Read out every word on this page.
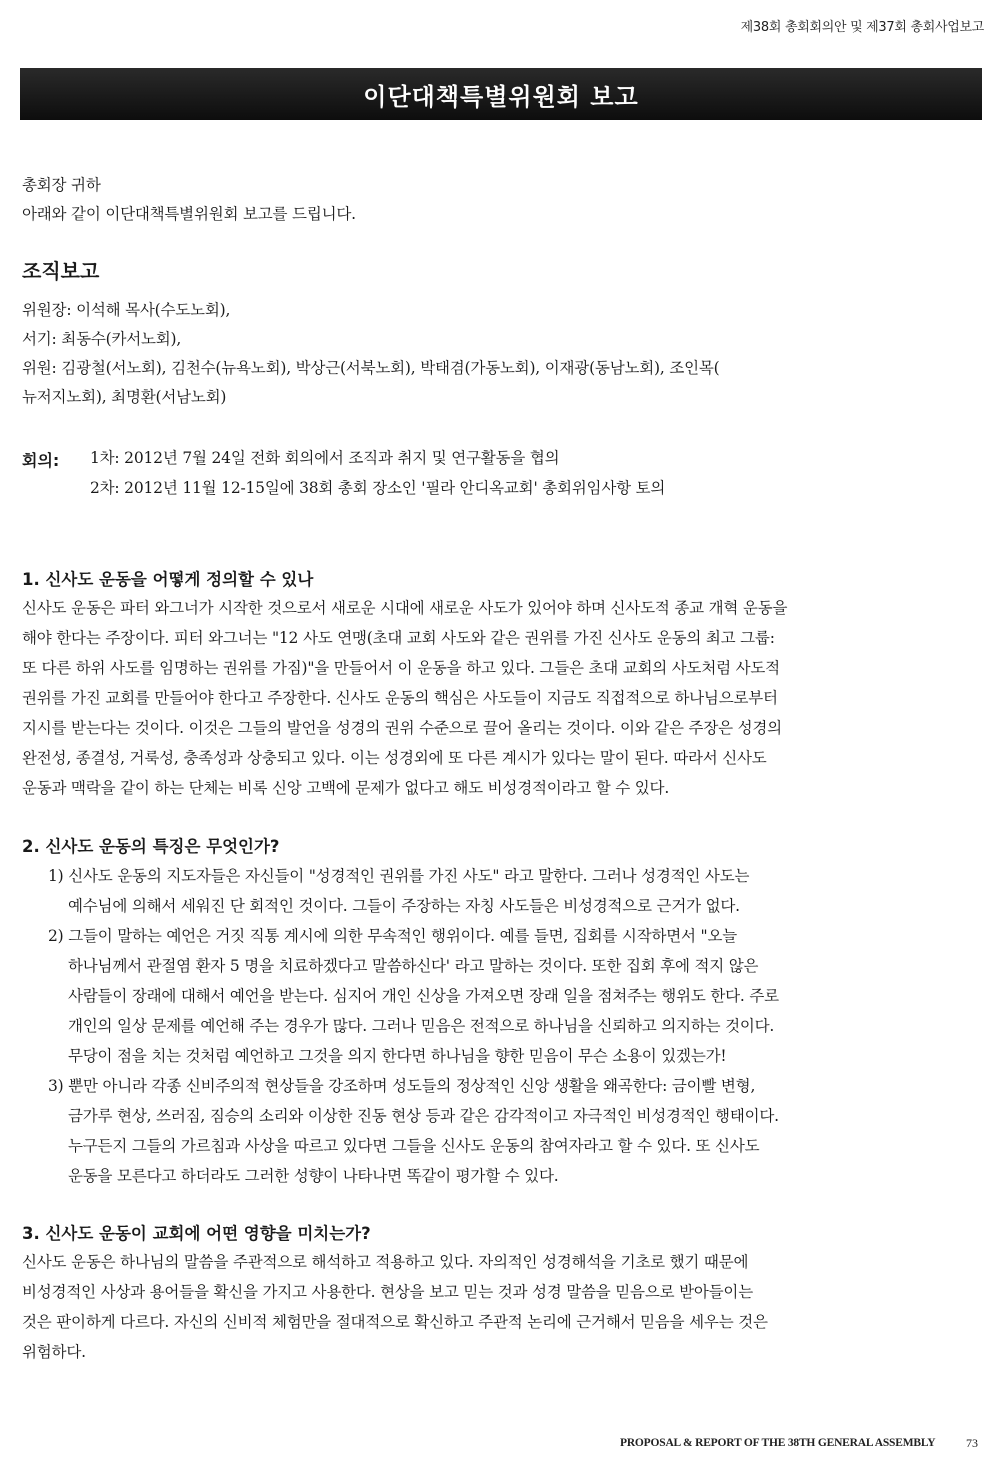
제38회 총회회의안 및 제37회 총회사업보고
이단대책특별위원회 보고
총회장 귀하
아래와 같이 이단대책특별위원회 보고를 드립니다.
조직보고
위원장: 이석해 목사(수도노회),
서기: 최동수(카서노회),
위원: 김광철(서노회), 김천수(뉴욕노회), 박상근(서북노회), 박태겸(가동노회), 이재광(동남노회), 조인목(
뉴저지노회), 최명환(서남노회)
회의: 1차: 2012년 7월 24일 전화 회의에서 조직과 취지 및 연구활동을 협의
2차: 2012년 11월 12-15일에 38회 총회 장소인 '필라 안디옥교회' 총회위임사항 토의
1. 신사도 운동을 어떻게 정의할 수 있나
신사도 운동은 파터 와그너가 시작한 것으로서 새로운 시대에 새로운 사도가 있어야 하며 신사도적 종교 개혁 운동을
해야 한다는 주장이다. 피터 와그너는 "12 사도 연맹(초대 교회 사도와 같은 권위를 가진 신사도 운동의 최고 그룹:
또 다른 하위 사도를 임명하는 권위를 가짐)"을 만들어서 이 운동을 하고 있다. 그들은 초대 교회의 사도처럼 사도적
권위를 가진 교회를 만들어야 한다고 주장한다. 신사도 운동의 핵심은 사도들이 지금도 직접적으로 하나님으로부터
지시를 받는다는 것이다. 이것은 그들의 발언을 성경의 권위 수준으로 끌어 올리는 것이다. 이와 같은 주장은 성경의
완전성, 종결성, 거룩성, 충족성과 상충되고 있다. 이는 성경외에 또 다른 계시가 있다는 말이 된다. 따라서 신사도
운동과 맥락을 같이 하는 단체는 비록 신앙 고백에 문제가 없다고 해도 비성경적이라고 할 수 있다.
2. 신사도 운동의 특징은 무엇인가?
1) 신사도 운동의 지도자들은 자신들이 "성경적인 권위를 가진 사도" 라고 말한다. 그러나 성경적인 사도는
예수님에 의해서 세워진 단 회적인 것이다. 그들이 주장하는 자칭 사도들은 비성경적으로 근거가 없다.
2) 그들이 말하는 예언은 거짓 직통 계시에 의한 무속적인 행위이다. 예를 들면, 집회를 시작하면서 "오늘
하나님께서 관절염 환자 5 명을 치료하겠다고 말씀하신다' 라고 말하는 것이다. 또한 집회 후에 적지 않은
사람들이 장래에 대해서 예언을 받는다. 심지어 개인 신상을 가져오면 장래 일을 점쳐주는 행위도 한다. 주로
개인의 일상 문제를 예언해 주는 경우가 많다. 그러나 믿음은 전적으로 하나님을 신뢰하고 의지하는 것이다.
무당이 점을 치는 것처럼 예언하고 그것을 의지 한다면 하나님을 향한 믿음이 무슨 소용이 있겠는가!
3) 뿐만 아니라 각종 신비주의적 현상들을 강조하며 성도들의 정상적인 신앙 생활을 왜곡한다: 금이빨 변형,
금가루 현상, 쓰러짐, 짐승의 소리와 이상한 진동 현상 등과 같은 감각적이고 자극적인 비성경적인 행태이다.
누구든지 그들의 가르침과 사상을 따르고 있다면 그들을 신사도 운동의 참여자라고 할 수 있다. 또 신사도
운동을 모른다고 하더라도 그러한 성향이 나타나면 똑같이 평가할 수 있다.
3. 신사도 운동이 교회에 어떤 영향을 미치는가?
신사도 운동은 하나님의 말씀을 주관적으로 해석하고 적용하고 있다. 자의적인 성경해석을 기초로 했기 때문에
비성경적인 사상과 용어들을 확신을 가지고 사용한다. 현상을 보고 믿는 것과 성경 말씀을 믿음으로 받아들이는
것은 판이하게 다르다. 자신의 신비적 체험만을 절대적으로 확신하고 주관적 논리에 근거해서 믿음을 세우는 것은
위험하다.
PROPOSAL & REPORT OF THE 38TH GENERAL ASSEMBLY	73
